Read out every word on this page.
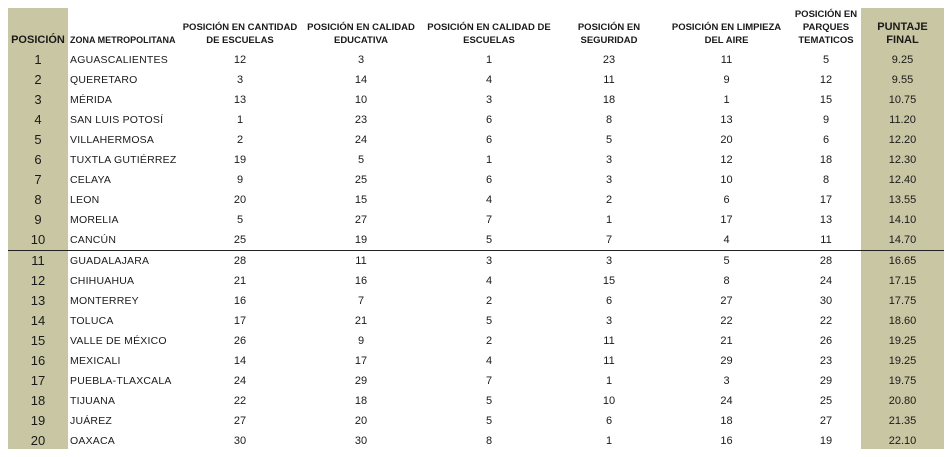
POSICIÓN	ZONA METROPOLITANA	POSICIÓN EN CANTIDAD DE ESCUELAS	POSICIÓN EN CALIDAD EDUCATIVA	POSICIÓN EN CALIDAD DE ESCUELAS	POSICIÓN EN SEGURIDAD	POSICIÓN EN LIMPIEZA DEL AIRE	POSICIÓN EN PARQUES TEMATICOS	PUNTAJE FINAL
1	AGUASCALIENTES	12	3	1	23	11	5	9.25
2	QUERETARO	3	14	4	11	9	12	9.55
3	MÉRIDA	13	10	3	18	1	15	10.75
4	SAN LUIS POTOSÍ	1	23	6	8	13	9	11.20
5	VILLAHERMOSA	2	24	6	5	20	6	12.20
6	TUXTLA GUTIÉRREZ	19	5	1	3	12	18	12.30
7	CELAYA	9	25	6	3	10	8	12.40
8	LEON	20	15	4	2	6	17	13.55
9	MORELIA	5	27	7	1	17	13	14.10
10	CANCÚN	25	19	5	7	4	11	14.70
11	GUADALAJARA	28	11	3	3	5	28	16.65
12	CHIHUAHUA	21	16	4	15	8	24	17.15
13	MONTERREY	16	7	2	6	27	30	17.75
14	TOLUCA	17	21	5	3	22	22	18.60
15	VALLE DE MÉXICO	26	9	2	11	21	26	19.25
16	MEXICALI	14	17	4	11	29	23	19.25
17	PUEBLA-TLAXCALA	24	29	7	1	3	29	19.75
18	TIJUANA	22	18	5	10	24	25	20.80
19	JUÁREZ	27	20	5	6	18	27	21.35
20	OAXACA	30	30	8	1	16	19	22.10
